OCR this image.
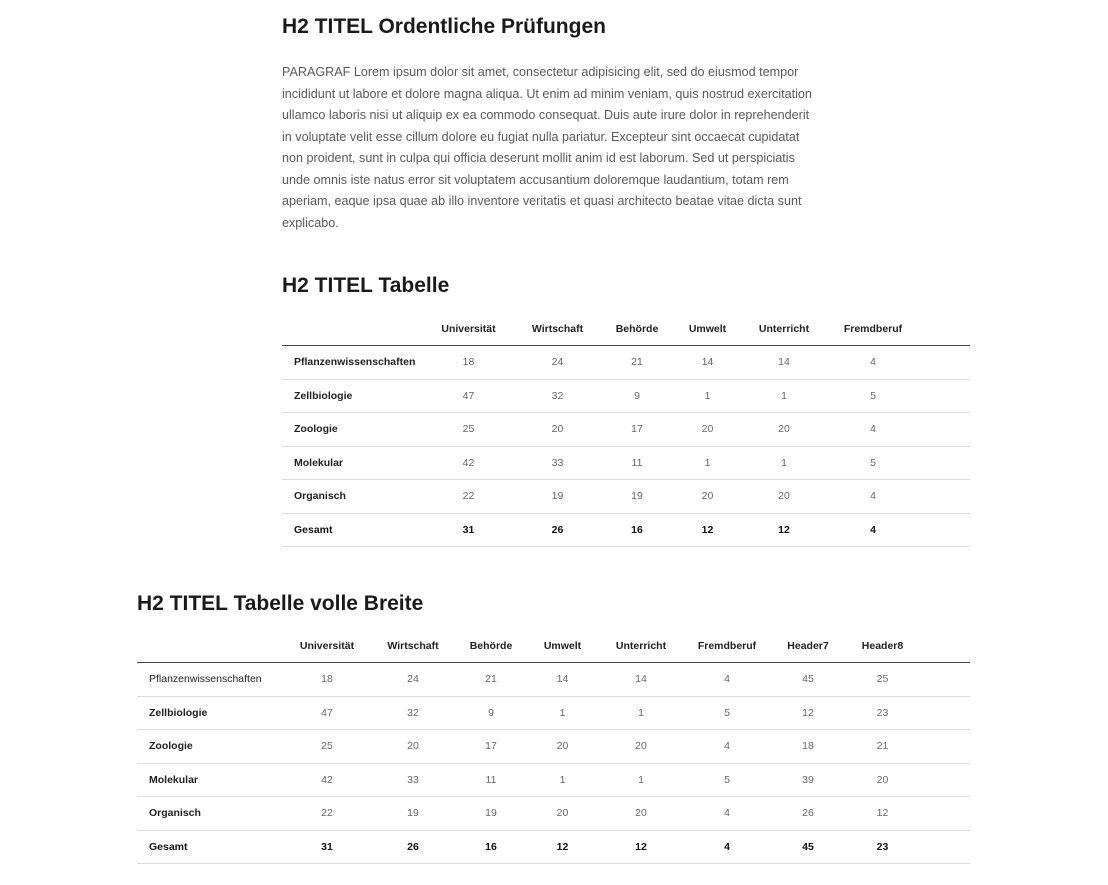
H2 TITEL Ordentliche Prüfungen

PARAGRAF Lorem ipsum dolor sit amet, consectetur adipisicing elit, sed do eiusmod tempor incididunt ut labore et dolore magna aliqua. Ut enim ad minim veniam, quis nostrud exercitation ullamco laboris nisi ut aliquip ex ea commodo consequat. Duis aute irure dolor in reprehenderit in voluptate velit esse cillum dolore eu fugiat nulla pariatur. Excepteur sint occaecat cupidatat non proident, sunt in culpa qui officia deserunt mollit anim id est laborum. Sed ut perspiciatis unde omnis iste natus error sit voluptatem accusantium doloremque laudantium, totam rem aperiam, eaque ipsa quae ab illo inventore veritatis et quasi architecto beatae vitae dicta sunt explicabo.

H2 TITEL Tabelle
	Universität	Wirtschaft	Behörde	Umwelt	Unterricht	Fremdberuf	
Pflanzenwissenschaften	18	24	21	14	14	4	
Zellbiologie	47	32	9	1	1	5	
Zoologie	25	20	17	20	20	4	
Molekular	42	33	11	1	1	5	
Organisch	22	19	19	20	20	4	
Gesamt	31	26	16	12	12	4	
H2 TITEL Tabelle volle Breite
	Universität	Wirtschaft	Behörde	Umwelt	Unterricht	Fremdberuf	Header7	Header8	
Pflanzenwissenschaften	18	24	21	14	14	4	45	25	
Zellbiologie	47	32	9	1	1	5	12	23	
Zoologie	25	20	17	20	20	4	18	21	
Molekular	42	33	11	1	1	5	39	20	
Organisch	22	19	19	20	20	4	26	12	
Gesamt	31	26	16	12	12	4	45	23	
